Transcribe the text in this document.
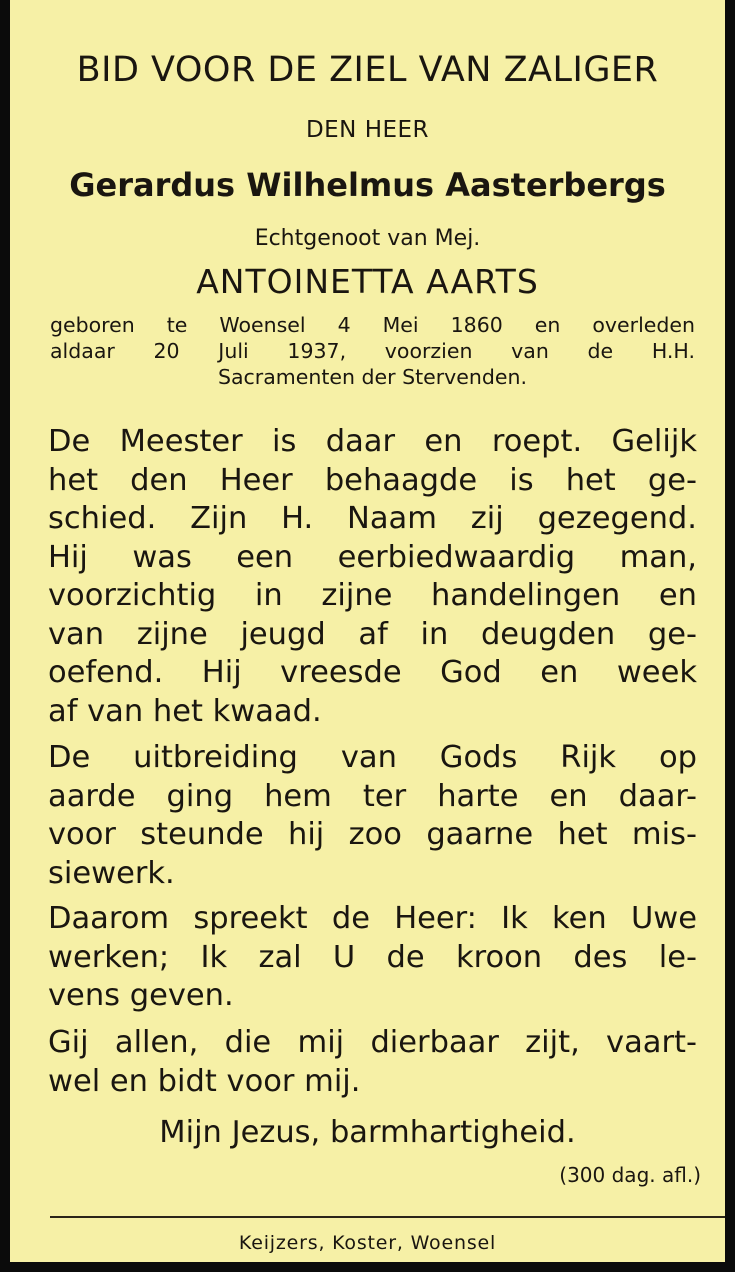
BID VOOR DE ZIEL VAN ZALIGER
DEN HEER
Gerardus Wilhelmus Aasterbergs
Echtgenoot van Mej.
ANTOINETTA AARTS
geboren te Woensel 4 Mei 1860 en overleden
aldaar 20 Juli 1937, voorzien van de H.H.
Sacramenten der Stervenden.
De Meester is daar en roept. Gelijk
het den Heer behaagde is het ge-
schied. Zijn H. Naam zij gezegend.
Hij was een eerbiedwaardig man,
voorzichtig in zijne handelingen en
van zijne jeugd af in deugden ge-
oefend. Hij vreesde God en week
af van het kwaad.
De uitbreiding van Gods Rijk op
aarde ging hem ter harte en daar-
voor steunde hij zoo gaarne het mis-
siewerk.
Daarom spreekt de Heer: Ik ken Uwe
werken; Ik zal U de kroon des le-
vens geven.
Gij allen, die mij dierbaar zijt, vaart-
wel en bidt voor mij.
Mijn Jezus, barmhartigheid.
(300 dag. afl.)
Keijzers, Koster, Woensel
